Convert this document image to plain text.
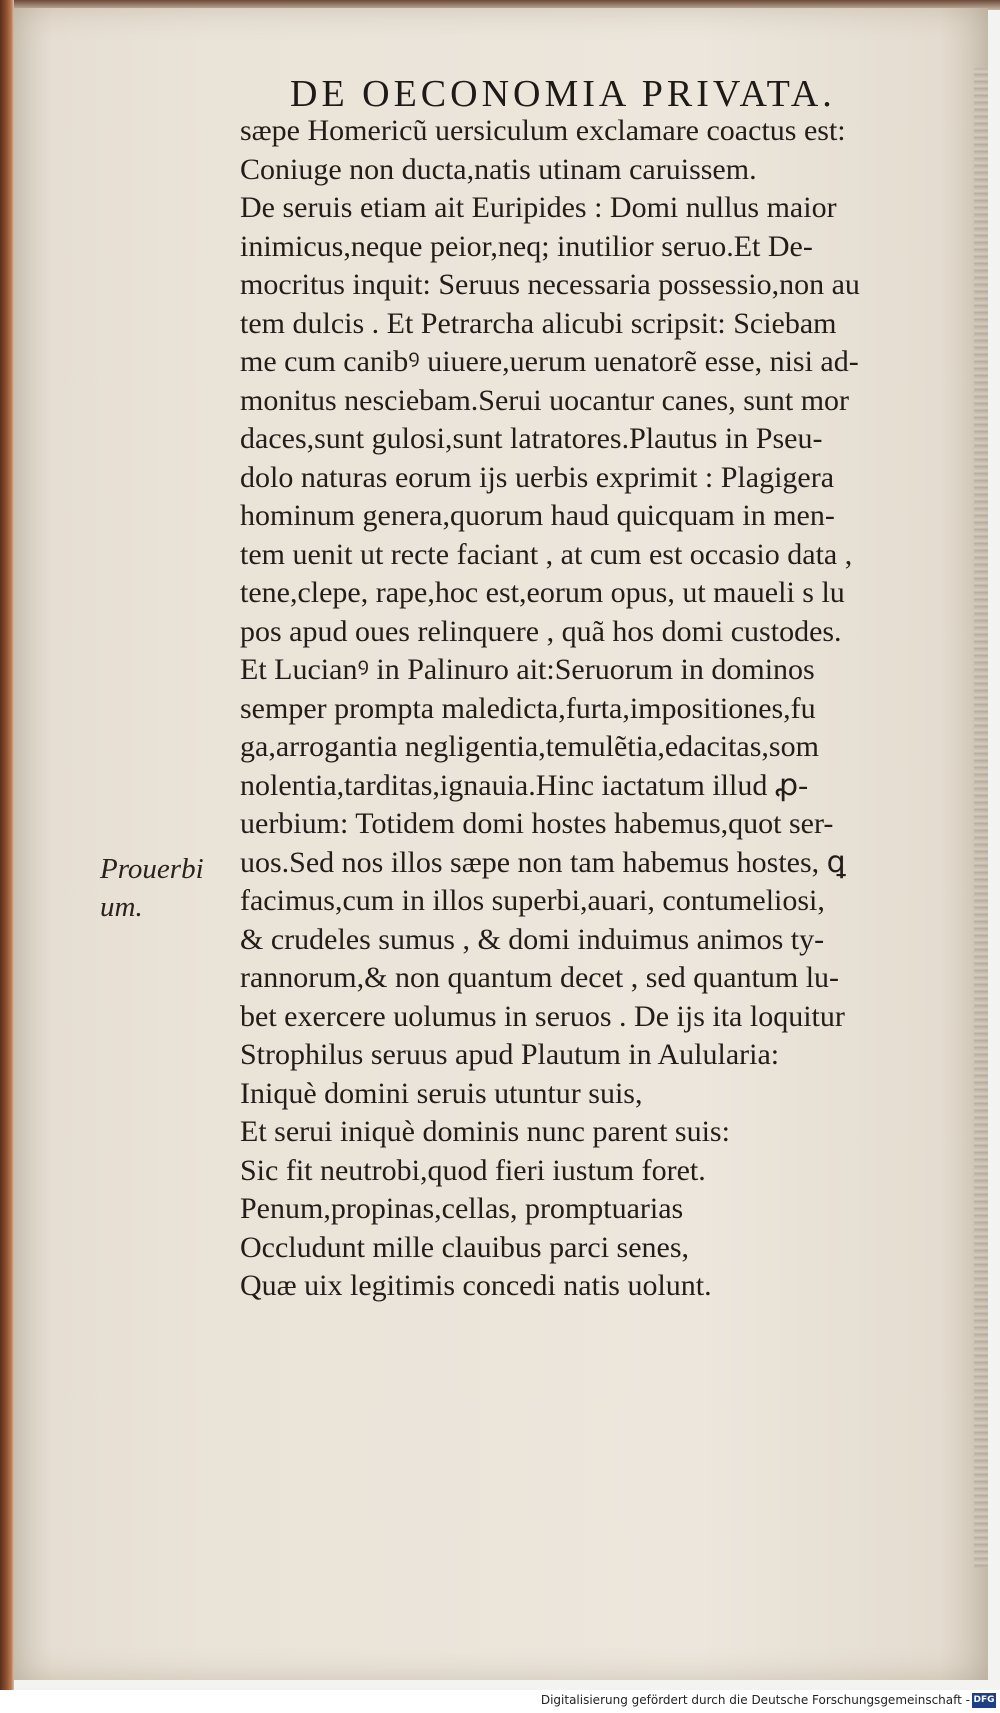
DE OECONOMIA PRIVATA.
sæpe Homericũ uersiculum exclamare coactus est:
Coniuge non ducta,natis utinam caruissem.
De seruis etiam ait Euripides : Domi nullus maior
inimicus,neque peior,neq; inutilior seruo.Et De-
mocritus inquit: Seruus necessaria possessio,non au
tem dulcis . Et Petrarcha alicubi scripsit: Sciebam
me cum canibꝰ uiuere,uerum uenatorẽ esse, nisi ad-
monitus nesciebam.Serui uocantur canes, sunt mor
daces,sunt gulosi,sunt latratores.Plautus in Pseu-
dolo naturas eorum ijs uerbis exprimit : Plagigera
hominum genera,quorum haud quicquam in men-
tem uenit ut recte faciant , at cum est occasio data ,
tene,clepe, rape,hoc est,eorum opus, ut maueli s lu
pos apud oues relinquere , quã hos domi custodes.
Et Lucianꝰ in Palinuro ait:Seruorum in dominos
semper prompta maledicta,furta,impositiones,fu
ga,arrogantia negligentia,temulẽtia,edacitas,som
nolentia,tarditas,ignauia.Hinc iactatum illud ꝓ-
uerbium: Totidem domi hostes habemus,quot ser-
uos.Sed nos illos sæpe non tam habemus hostes, ꝗ
facimus,cum in illos superbi,auari, contumeliosi,
& crudeles sumus , & domi induimus animos ty-
rannorum,& non quantum decet , sed quantum lu-
bet exercere uolumus in seruos . De ijs ita loquitur
Strophilus seruus apud Plautum in Aulularia:
Iniquè domini seruis utuntur suis,
Et serui iniquè dominis nunc parent suis:
Sic fit neutrobi,quod fieri iustum foret.
Penum,propinas,cellas, promptuarias
Occludunt mille clauibus parci senes,
Quæ uix legitimis concedi natis uolunt.
Prouerbi
um.
Digitalisierung gefördert durch die Deutsche Forschungsgemeinschaft - DFG
